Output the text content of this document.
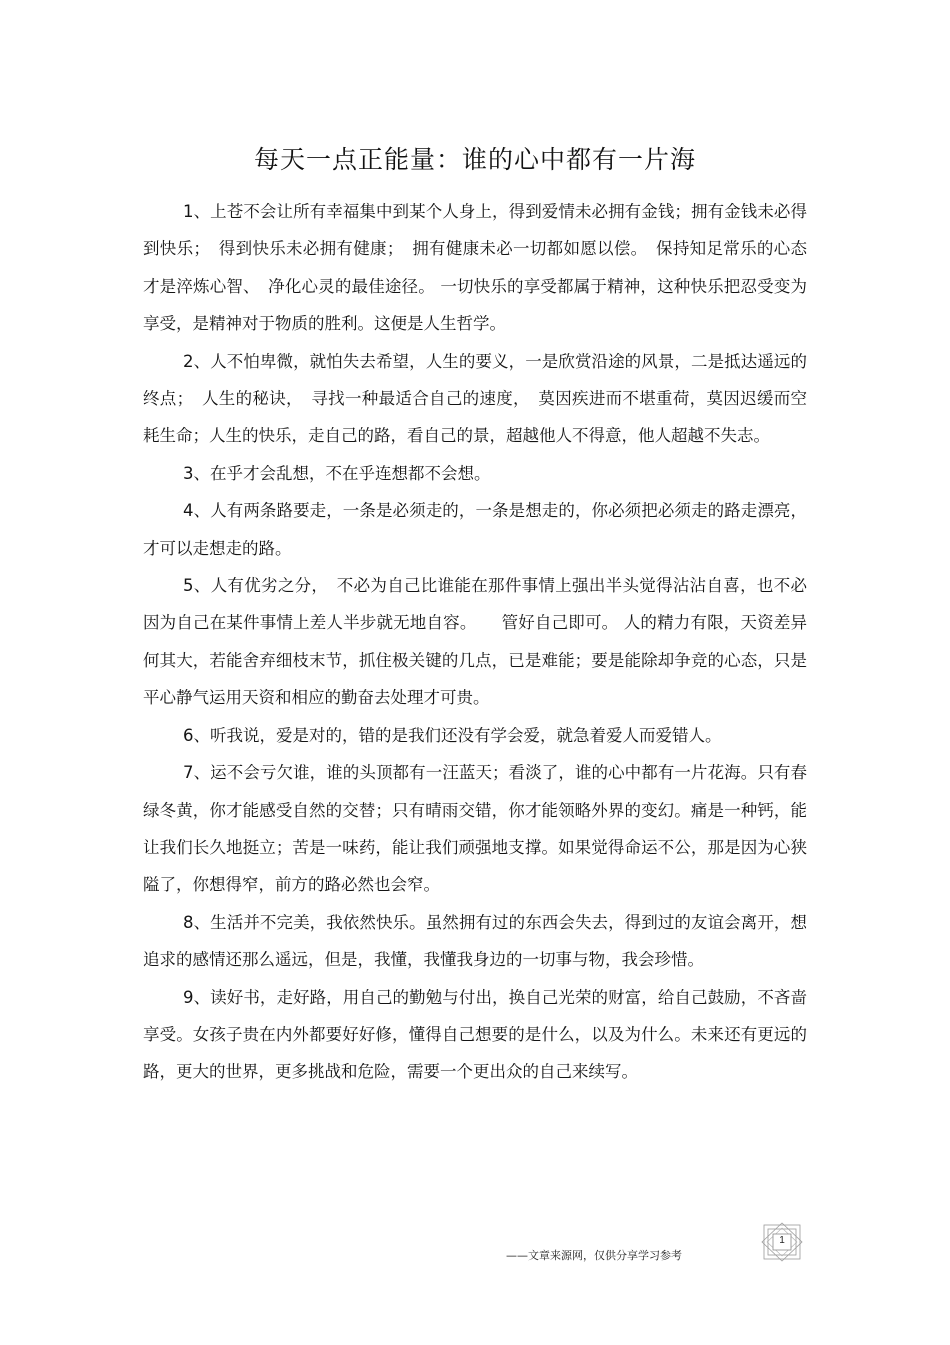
每天一点正能量：谁的心中都有一片海

1、上苍不会让所有幸福集中到某个人身上，得到爱情未必拥有金钱；拥有金钱未必得到快乐；　得到快乐未必拥有健康；　拥有健康未必一切都如愿以偿。　保持知足常乐的心态才是淬炼心智、　净化心灵的最佳途径。 一切快乐的享受都属于精神，这种快乐把忍受变为享受，是精神对于物质的胜利。这便是人生哲学。

2、人不怕卑微，就怕失去希望，人生的要义，一是欣赏沿途的风景，二是抵达遥远的终点；　人生的秘诀，　寻找一种最适合自己的速度，　莫因疾进而不堪重荷，莫因迟缓而空耗生命；人生的快乐，走自己的路，看自己的景，超越他人不得意，他人超越不失志。

3、在乎才会乱想，不在乎连想都不会想。

4、人有两条路要走，一条是必须走的，一条是想走的，你必须把必须走的路走漂亮，才可以走想走的路。

5、人有优劣之分，　不必为自己比谁能在那件事情上强出半头觉得沾沾自喜，也不必因为自己在某件事情上差人半步就无地自容。　　管好自己即可。 人的精力有限，天资差异何其大，若能舍弃细枝末节，抓住极关键的几点，已是难能；要是能除却争竞的心态，只是平心静气运用天资和相应的勤奋去处理才可贵。

6、听我说，爱是对的，错的是我们还没有学会爱，就急着爱人而爱错人。

7、运不会亏欠谁，谁的头顶都有一汪蓝天；看淡了，谁的心中都有一片花海。只有春绿冬黄，你才能感受自然的交替；只有晴雨交错，你才能领略外界的变幻。痛是一种钙，能让我们长久地挺立；苦是一味药，能让我们顽强地支撑。如果觉得命运不公，那是因为心狭隘了，你想得窄，前方的路必然也会窄。

8、生活并不完美，我依然快乐。虽然拥有过的东西会失去，得到过的友谊会离开，想追求的感情还那么遥远，但是，我懂，我懂我身边的一切事与物，我会珍惜。

9、读好书，走好路，用自己的勤勉与付出，换自己光荣的财富，给自己鼓励，不吝啬享受。女孩子贵在内外都要好好修，懂得自己想要的是什么，以及为什么。未来还有更远的路，更大的世界，更多挑战和危险，需要一个更出众的自己来续写。

——文章来源网，仅供分享学习参考
1
